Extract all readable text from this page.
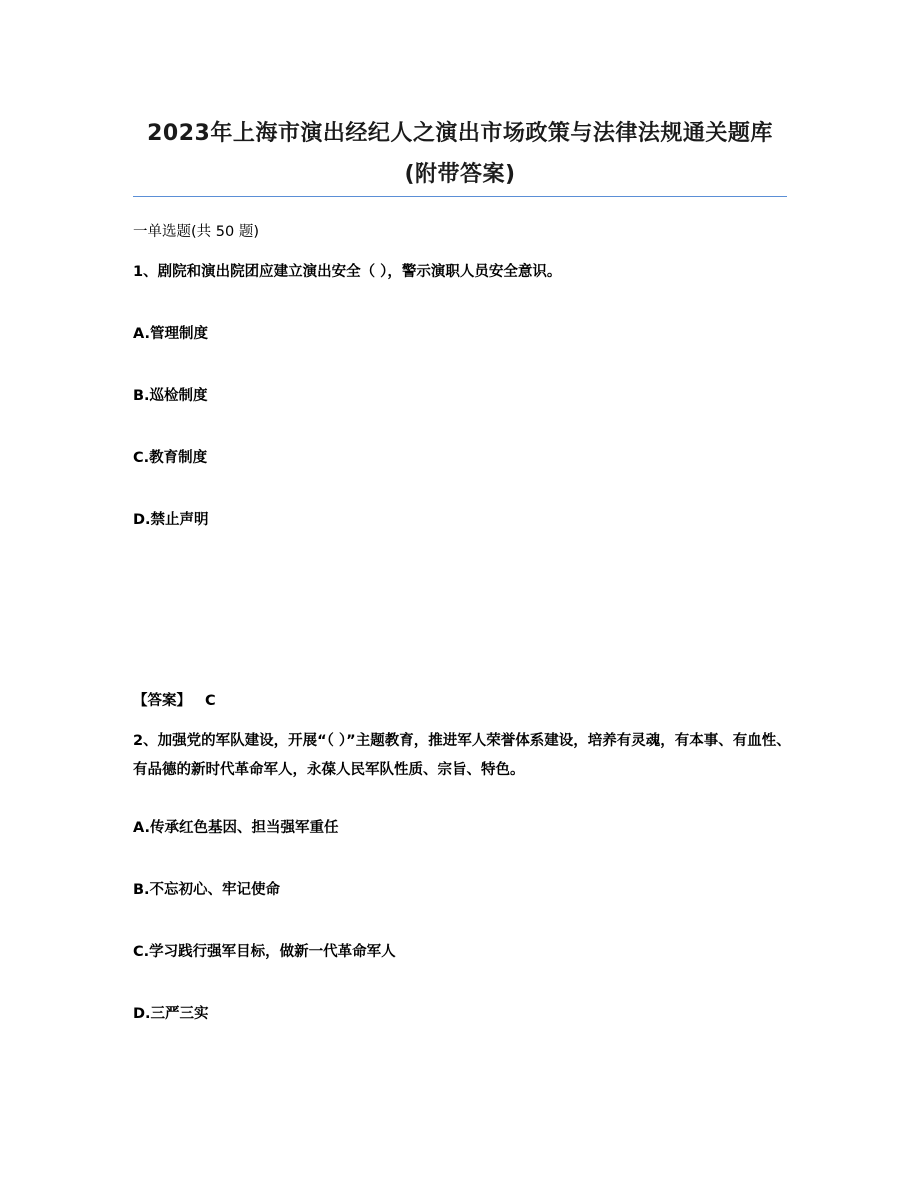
2023年上海市演出经纪人之演出市场政策与法律法规通关题库(附带答案)
一单选题(共 50 题)
1、剧院和演出院团应建立演出安全（ ），警示演职人员安全意识。
A.管理制度
B.巡检制度
C.教育制度
D.禁止声明
【答案】 C
2、加强党的军队建设，开展“（ ）”主题教育，推进军人荣誉体系建设，培养有灵魂，有本事、有血性、有品德的新时代革命军人，永葆人民军队性质、宗旨、特色。
A.传承红色基因、担当强军重任
B.不忘初心、牢记使命
C.学习践行强军目标，做新一代革命军人
D.三严三实
